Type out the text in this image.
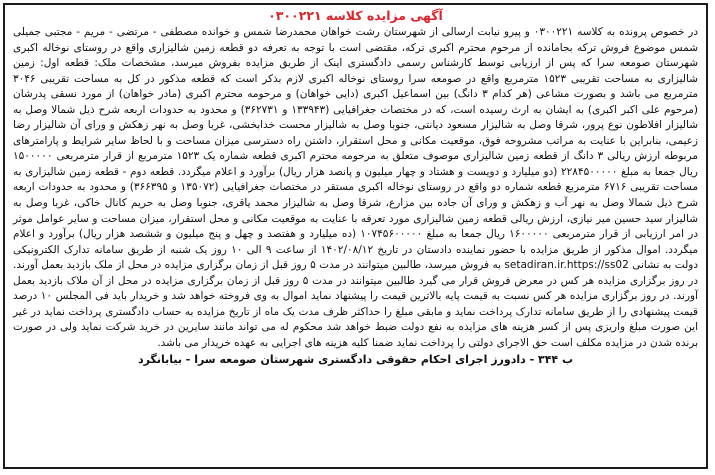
آگهی مزایده کلاسه ۰۳۰۰۲۲۱

در خصوص پرونده به کلاسه ۰۳۰۰۲۲۱ و پیرو نیابت ارسالی از شهرستان رشت خواهان محمدرضا شمس و خوانده مصطفی - مرتضی - مریم - مجتبی جمیلی شمس موضوع فروش ترکه بجامانده از مرحوم محترم اکبری ترکه، مقتضی است با توجه به تعرفه دو قطعه زمین شالیزاری واقع در روستای نوخاله اکبری شهرستان صومعه سرا که پس از ارزیابی توسط کارشناس رسمی دادگستری اینک از طریق مزایده بفروش میرسد، مشخصات ملک: قطعه اول: زمین شالیزاری به مساحت تقریبی ۱۵۲۳ مترمربع واقع در صومعه سرا روستای نوخاله اکبری لازم بذکر است که قطعه مذکور در کل به مساحت تقریبی ۳۰۴۶ مترمربع می باشد و بصورت مشاعی (هر کدام ۳ دانگ) بین اسماعیل اکبری (دایی خواهان) و مرحومه محترم اکبری (مادر خواهان) از مورد نسقی پدرشان (مرحوم علی اکبر اکبری) به ایشان به ارث رسیده است، که در مختصات جغرافیایی (۱۳۳۹۴۳ و ۳۶۲۷۳۱) و محدود به حدودات اربعه شرح ذیل شمالا وصل به شالیزار افلاطون نوع پرور، شرقا وصل به شالیزار مسعود دیانتی، جنوبا وصل به شالیزار محست خدابخشی، غربا وصل به نهر زهکش و ورای آن شالیزار رضا زعیمی، بنابراین با عنایت به مراتب مشروحه فوق، موقعیت مکانی و محل استقرار، داشتن راه دسترسی میزان مساحت و با لحاظ سایر شرایط و پارامترهای مربوطه ارزش ریالی ۳ دانگ از قطعه زمین شالیزاری موصوف متعلق به مرحومه محترم اکبری قطعه شماره یک ۱۵۲۳ مترمربع از قرار مترمربعی ۱۵۰۰۰۰۰ ریال جمعا به مبلغ ۲۲۸۴۵۰۰۰۰۰ (دو میلیارد و دویست و هشتاد و چهار میلیون و پانصد هزار ریال) برآورد و اعلام میگردد. قطعه دوم - قطعه زمین شالیزاری به مساحت تقریبی ۶۷۱۶ مترمربع قطعه شماره دو واقع در روستای نوخاله اکبری مستقر در مختصات جغرافیایی (۱۳۵۰۷۲ و ۳۶۶۳۹۵) و محدود به حدودات اربعه شرح ذیل شمالا وصل به نهر آب و زهکش و ورای آن جاده بین مزارع، شرقا وصل به شالیزار محمد یاقری، جنوبا وصل به حریم کانال خاکی، غربا وصل به شالیزار سید حسین میر نیازی، ارزش ریالی قطعه زمین شالیزاری مورد تعرفه با عنایت به موقعیت مکانی و محل استقرار، میزان مساحت و سایر عوامل موثر در امر ارزیابی از قرار مترمربعی ۱۶۰۰۰۰۰ ریال جمعا به مبلغ ۱۰۷۴۵۶۰۰۰۰۰ (ده میلیارد و هفتصد و چهل و پنج میلیون و ششصد هزار ریال) برآورد و اعلام میگردد. اموال مذکور از طریق مزایده با حضور نماینده دادستان در تاریخ ۱۴۰۲/۰۸/۱۲ از ساعت ۹ الی ۱۰ روز یک شنبه از طریق سامانه تدارک الکترونیکی دولت به نشانی setadiran.ir.https://ss02 به فروش میرسد، طالبین میتوانند در مدت ۵ روز قبل از زمان برگزاری مزایده در محل از ملک بازدید بعمل آورند. در روز برگزاری مزایده هر کس در معرض فروش قرار می گیرد طالبین میتوانند در مدت ۵ روز قبل از زمان برگزاری مزایده در محل از آن ملاک بازدید بعمل آورند. در روز برگزاری مزایده هر کس نسبت به قیمت پایه بالاترین قیمت را پیشنهاد نماید اموال به وی فروخته خواهد شد و خریدار باید فی المجلس ۱۰ درصد قیمت پیشنهادی را از طریق سامانه تدارک پرداخت نماید و مابقی مبلغ را حداکثر ظرف مدت یک ماه از تاریخ مزایده به حساب دادگستری پرداخت نماید در غیر این صورت مبلغ واریزی پس از کسر هزینه های مزایده به نفع دولت ضبط خواهد شد محکوم له می تواند مانند سایرین در خرید شرکت نماید ولی در صورت برنده شدن در مزایده مکلف است حق الاجرای دولتی را پرداخت نماید ضمنا کلیه هزینه های اجرایی به عهده خریدار می باشد.

ب ۳۴۴ - دادورز اجرای احکام حقوقی دادگستری شهرستان صومعه سرا - بیابانگرد
